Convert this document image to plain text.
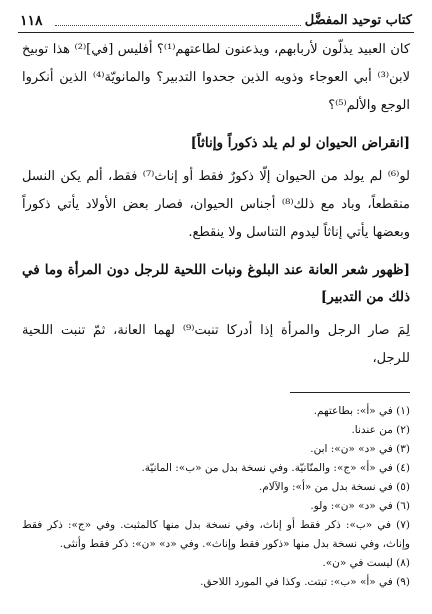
١١٨	كتاب توحيد المفضَّل

كان العبيد يذلّون لأربابهم، ويذعنون لطاعتهم⁽¹⁾؟ أفليس [في]⁽²⁾ هذا توبيخ لابن⁽³⁾ أبي العوجاء وذويه الذين جحدوا التدبير؟ والمانويّة⁽⁴⁾ الذين أنكروا الوجع والألم⁽⁵⁾؟

[انقراض الحيوان لو لم يلد ذكوراً وإناثاً]

لو⁽⁶⁾ لم يولد من الحيوان إلّا ذكورٌ فقط أو إناث⁽⁷⁾ فقط، ألم يكن النسل منقطعاً، وباد مع ذلك⁽⁸⁾ أجناس الحيوان، فصار بعض الأولاد يأتي ذكوراً وبعضها يأتي إناثاً ليدوم التناسل ولا ينقطع.

[ظهور شعر العانة عند البلوغ ونبات اللحية للرجل دون المرأة وما في ذلك من التدبير]

لِمَ صار الرجل والمرأة إذا أدركا تنبت⁽⁹⁾ لهما العانة، ثمّ تنبت اللحية للرجل،

(١) في «أ»: بطاعتهم.

(٢) من عندنا.

(٣) في «د» «ن»: ابن.

(٤) في «أ» «ج»: والمنّانيّة. وفي نسخة بدل من «ب»: المانيّة.

(٥) في نسخة بدل من «أ»: والآلام.

(٦) في «د» «ن»: ولو.

(٧) في «ب»: ذكر فقط أو إناث، وفي نسخة بدل منها كالمثبت. وفي «ج»: ذكر فقط وإناث، وفي نسخة بدل منها «ذكور فقط وإناث». وفي «د» «ن»: ذكر فقط وأنثى.

(٨) ليست في «ن».

(٩) في «أ» «ب»: تبتت. وكذا في المورد اللاحق.
